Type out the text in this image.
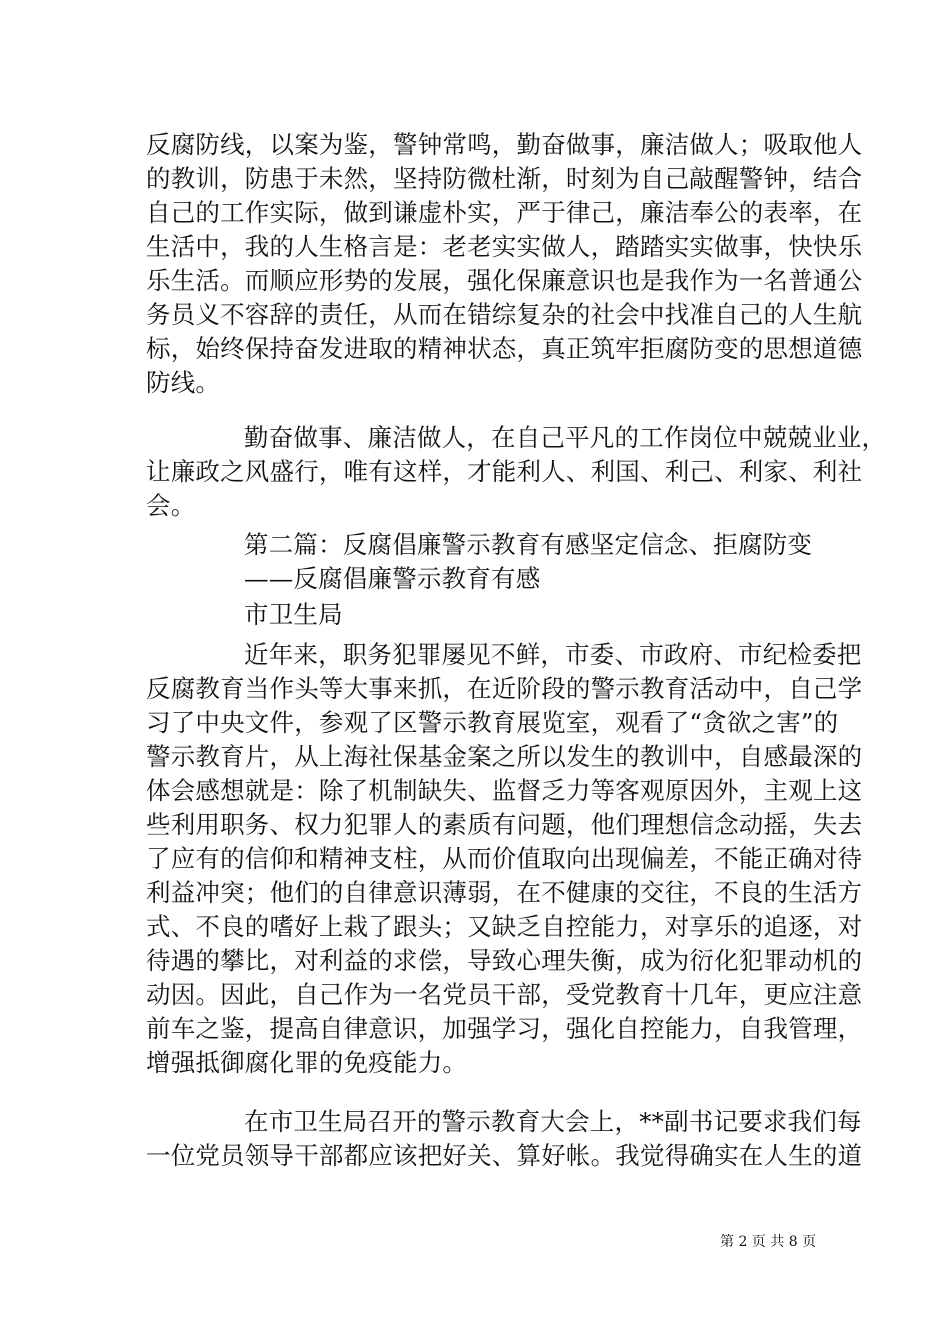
反腐防线，以案为鉴，警钟常鸣，勤奋做事，廉洁做人；吸取他人
的教训，防患于未然，坚持防微杜渐，时刻为自己敲醒警钟，结合
自己的工作实际，做到谦虚朴实，严于律己，廉洁奉公的表率，在
生活中，我的人生格言是：老老实实做人，踏踏实实做事，快快乐
乐生活。而顺应形势的发展，强化保廉意识也是我作为一名普通公
务员义不容辞的责任，从而在错综复杂的社会中找准自己的人生航
标，始终保持奋发进取的精神状态，真正筑牢拒腐防变的思想道德
防线。
勤奋做事、廉洁做人，在自己平凡的工作岗位中兢兢业业，
让廉政之风盛行，唯有这样，才能利人、利国、利己、利家、利社
会。
第二篇：反腐倡廉警示教育有感坚定信念、拒腐防变
——反腐倡廉警示教育有感
市卫生局
近年来，职务犯罪屡见不鲜，市委、市政府、市纪检委把
反腐教育当作头等大事来抓，在近阶段的警示教育活动中，自己学
习了中央文件，参观了区警示教育展览室，观看了“贪欲之害”的
警示教育片，从上海社保基金案之所以发生的教训中，自感最深的
体会感想就是：除了机制缺失、监督乏力等客观原因外，主观上这
些利用职务、权力犯罪人的素质有问题，他们理想信念动摇，失去
了应有的信仰和精神支柱，从而价值取向出现偏差，不能正确对待
利益冲突；他们的自律意识薄弱，在不健康的交往，不良的生活方
式、不良的嗜好上栽了跟头；又缺乏自控能力，对享乐的追逐，对
待遇的攀比，对利益的求偿，导致心理失衡，成为衍化犯罪动机的
动因。因此，自己作为一名党员干部，受党教育十几年，更应注意
前车之鉴，提高自律意识，加强学习，强化自控能力，自我管理，
增强抵御腐化罪的免疫能力。
在市卫生局召开的警示教育大会上，**副书记要求我们每
一位党员领导干部都应该把好关、算好帐。我觉得确实在人生的道
第 2 页 共 8 页
